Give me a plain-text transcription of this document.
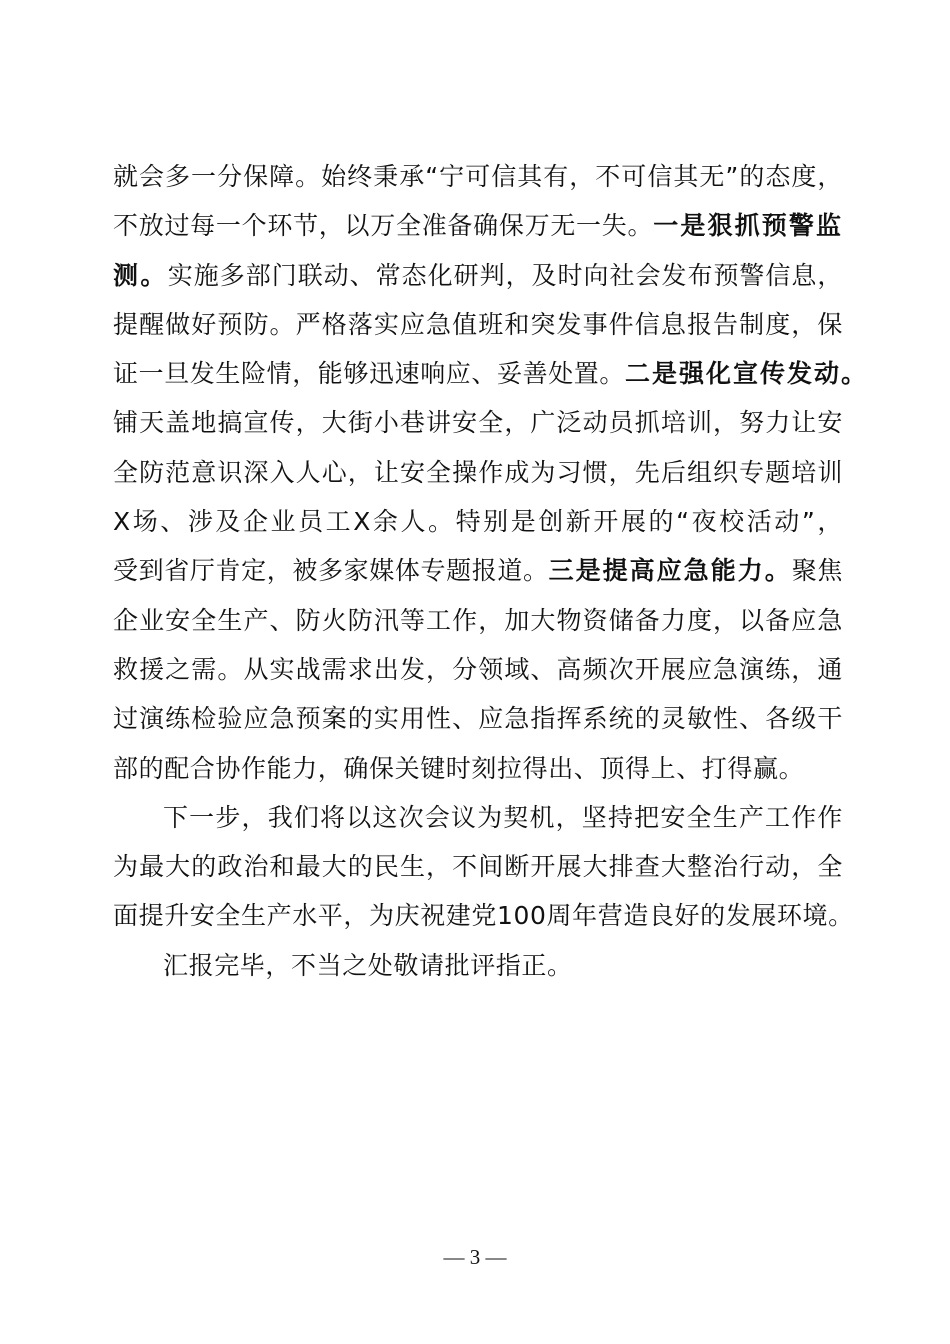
就会多一分保障。始终秉承“宁可信其有，不可信其无”的态度，
不放过每一个环节，以万全准备确保万无一失。一是狠抓预警监
测。实施多部门联动、常态化研判，及时向社会发布预警信息，
提醒做好预防。严格落实应急值班和突发事件信息报告制度，保
证一旦发生险情，能够迅速响应、妥善处置。二是强化宣传发动。
铺天盖地搞宣传，大街小巷讲安全，广泛动员抓培训，努力让安
全防范意识深入人心，让安全操作成为习惯，先后组织专题培训
X场、涉及企业员工X余人。特别是创新开展的“夜校活动”，
受到省厅肯定，被多家媒体专题报道。三是提高应急能力。聚焦
企业安全生产、防火防汛等工作，加大物资储备力度，以备应急
救援之需。从实战需求出发，分领域、高频次开展应急演练，通
过演练检验应急预案的实用性、应急指挥系统的灵敏性、各级干
部的配合协作能力，确保关键时刻拉得出、顶得上、打得赢。
下一步，我们将以这次会议为契机，坚持把安全生产工作作
为最大的政治和最大的民生，不间断开展大排查大整治行动，全
面提升安全生产水平，为庆祝建党100周年营造良好的发展环境。
汇报完毕，不当之处敬请批评指正。
— 3 —
